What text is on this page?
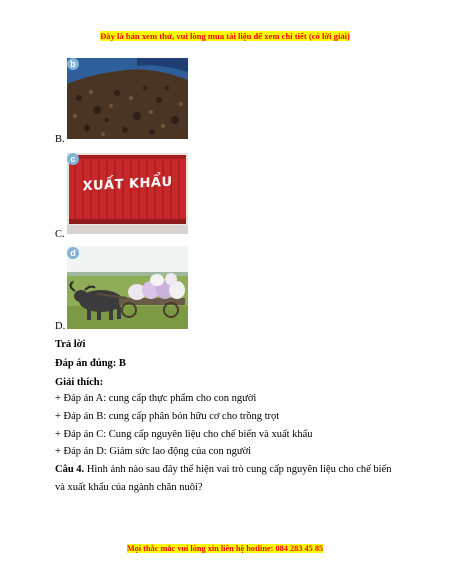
Đây là bản xem thử, vui lòng mua tài liệu để xem chi tiết (có lời giải)
b
B.
XUẤT KHẨU
c
C.
d
D.
Trả lời
Đáp án đúng: B
Giải thích:
+ Đáp án A: cung cấp thực phẩm cho con người
+ Đáp án B: cung cấp phân bón hữu cơ cho trồng trọt
+ Đáp án C: Cung cấp nguyên liệu cho chế biến và xuất khẩu
+ Đáp án D: Giảm sức lao động của con người
Câu 4. Hình ảnh nào sau đây thể hiện vai trò cung cấp nguyên liệu cho chế biến
và xuất khẩu của ngành chăn nuôi?
Mọi thắc mắc vui lòng xin liên hệ hotline: 084 283 45 85
